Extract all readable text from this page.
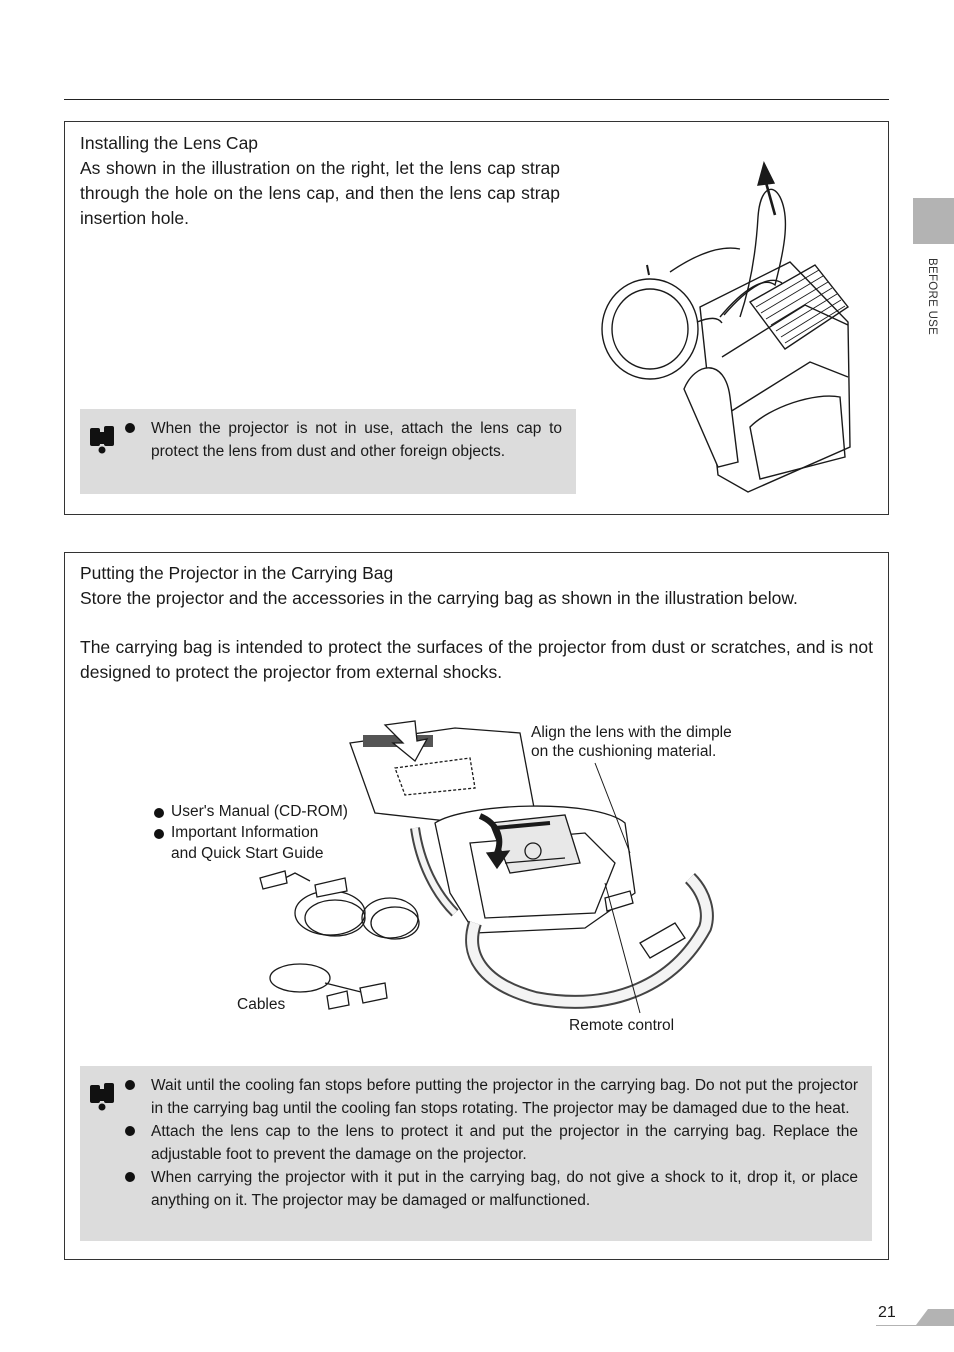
BEFORE USE
Installing the Lens Cap
As shown in the illustration on the right, let the lens cap strap through the hole on the lens cap, and then the lens cap strap insertion hole.
When the projector is not in use, attach the lens cap to protect the lens from dust and other foreign objects.
Putting the Projector in the Carrying Bag
Store the projector and the accessories in the carrying bag as shown in the illustration below.
The carrying bag is intended to protect the surfaces of the projector from dust or scratches, and is not designed to protect the projector from external shocks.
Align the lens with the dimple
on the cushioning material.
User's Manual (CD-ROM)
Important Information
and Quick Start Guide
Cables
Remote control
Wait until the cooling fan stops before putting the projector in the carrying bag. Do not put the projector in the carrying bag until the cooling fan stops rotating. The projector may be damaged due to the heat.
Attach the lens cap to the lens to protect it and put the projector in the carrying bag. Replace the adjustable foot to prevent the damage on the projector.
When carrying the projector with it put in the carrying bag, do not give a shock to it, drop it, or place anything on it. The projector may be damaged or malfunctioned.
21
